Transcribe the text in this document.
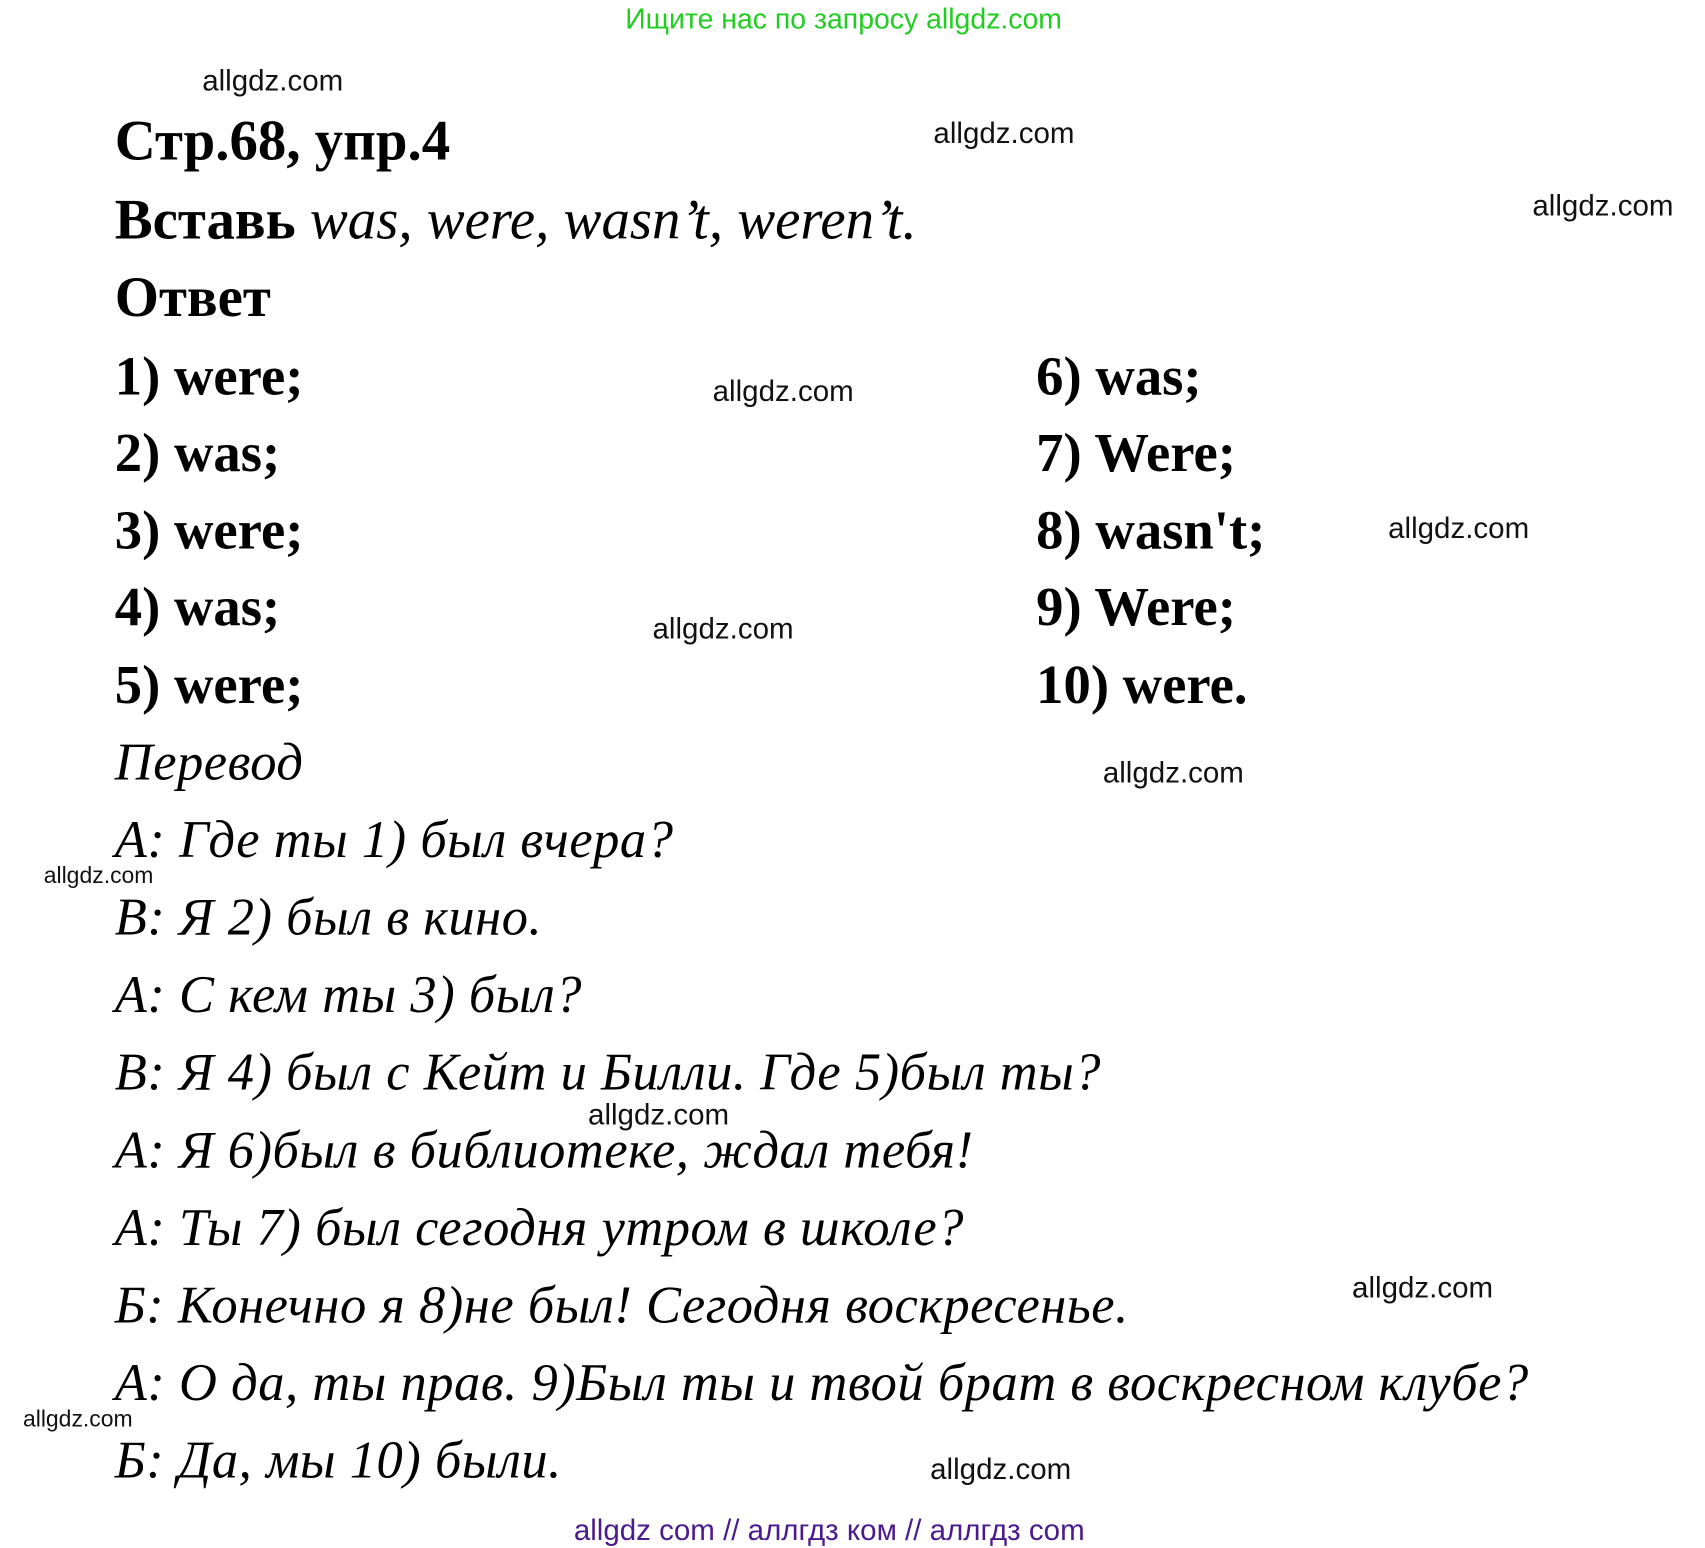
Ищите нас по запросу allgdz.com
Стр.68, упр.4
Вставь was, were, wasn’t, weren’t.
Ответ
1) were;
2) was;
3) were;
4) was;
5) were;
6) was;
7) Were;
8) wasn't;
9) Were;
10) were.
Перевод
A: Где ты 1) был вчера?
B: Я 2) был в кино.
A: С кем ты 3) был?
B: Я 4) был с Кейт и Билли. Где 5)был ты?
A: Я 6)был в библиотеке, ждал тебя!
A: Ты 7) был сегодня утром в школе?
Б: Конечно я 8)не был! Сегодня воскресенье.
A: О да, ты прав. 9)Был ты и твой брат в воскресном клубе?
Б: Да, мы 10) были.
allgdz.com
allgdz.com
allgdz.com
allgdz.com
allgdz.com
allgdz.com
allgdz.com
allgdz.com
allgdz.com
allgdz.com
allgdz.com
allgdz.com
allgdz com // аллгдз ком // аллгдз com
